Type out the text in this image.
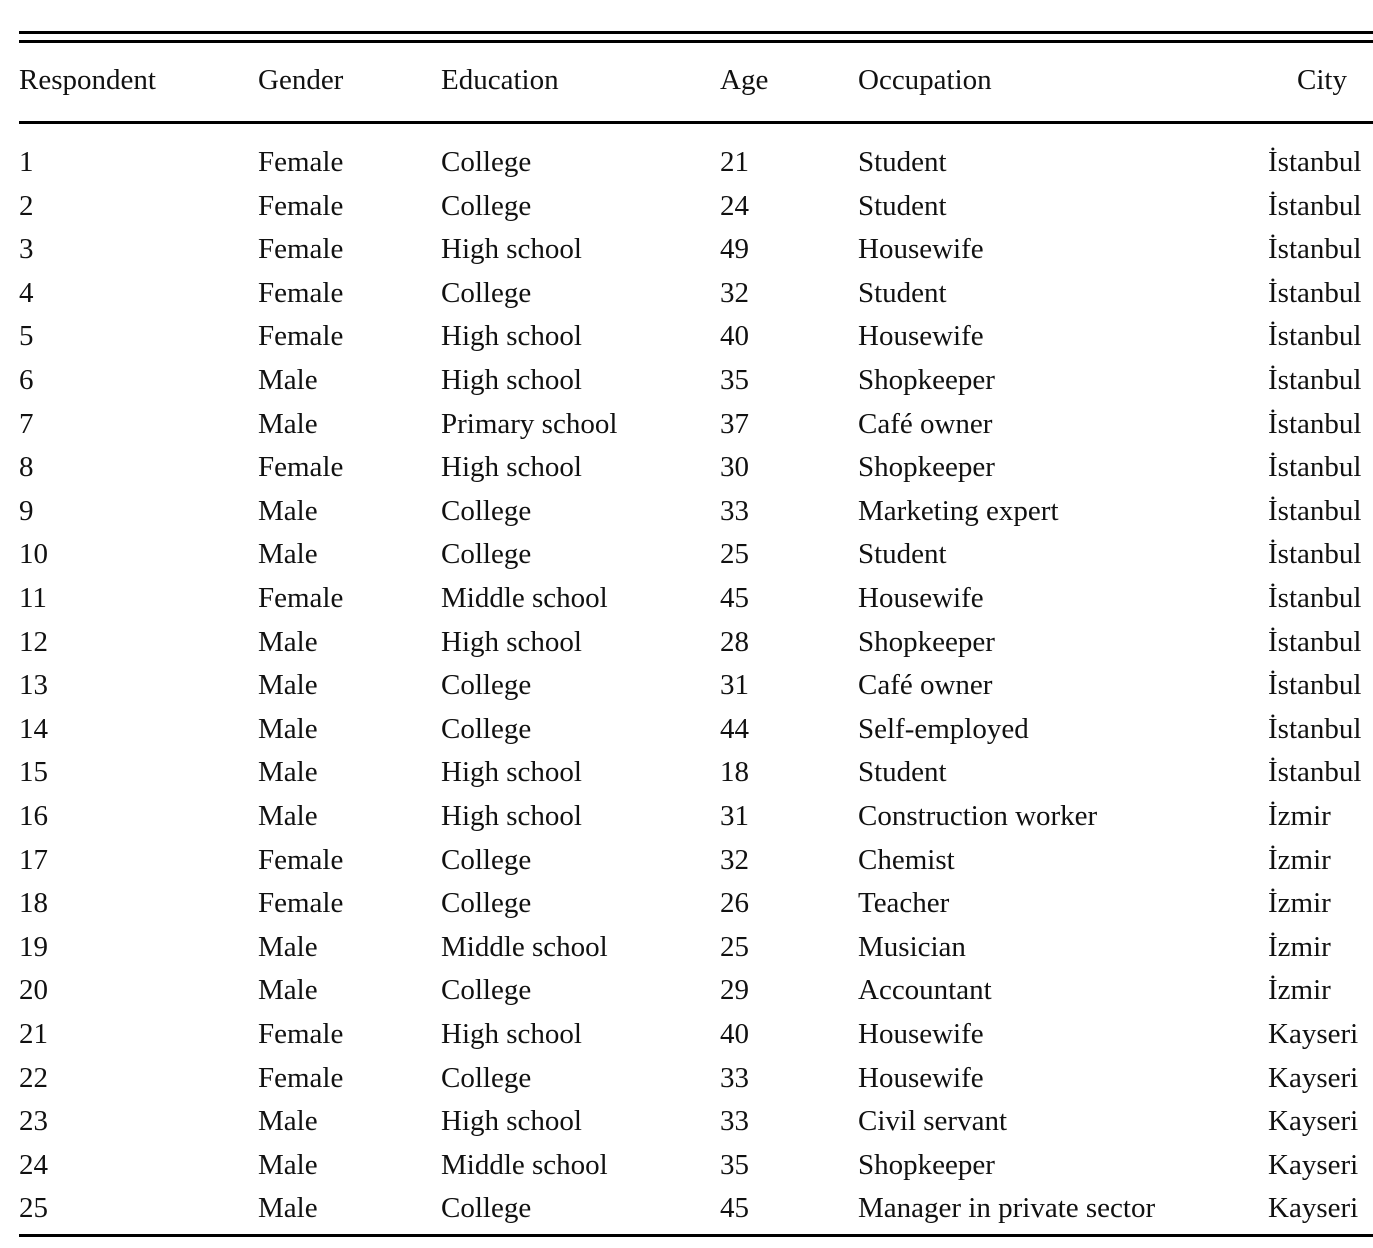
Respondent	Gender	Education	Age	Occupation	City
1	Female	College	21	Student	İstanbul
2	Female	College	24	Student	İstanbul
3	Female	High school	49	Housewife	İstanbul
4	Female	College	32	Student	İstanbul
5	Female	High school	40	Housewife	İstanbul
6	Male	High school	35	Shopkeeper	İstanbul
7	Male	Primary school	37	Café owner	İstanbul
8	Female	High school	30	Shopkeeper	İstanbul
9	Male	College	33	Marketing expert	İstanbul
10	Male	College	25	Student	İstanbul
11	Female	Middle school	45	Housewife	İstanbul
12	Male	High school	28	Shopkeeper	İstanbul
13	Male	College	31	Café owner	İstanbul
14	Male	College	44	Self-employed	İstanbul
15	Male	High school	18	Student	İstanbul
16	Male	High school	31	Construction worker	İzmir
17	Female	College	32	Chemist	İzmir
18	Female	College	26	Teacher	İzmir
19	Male	Middle school	25	Musician	İzmir
20	Male	College	29	Accountant	İzmir
21	Female	High school	40	Housewife	Kayseri
22	Female	College	33	Housewife	Kayseri
23	Male	High school	33	Civil servant	Kayseri
24	Male	Middle school	35	Shopkeeper	Kayseri
25	Male	College	45	Manager in private sector	Kayseri
